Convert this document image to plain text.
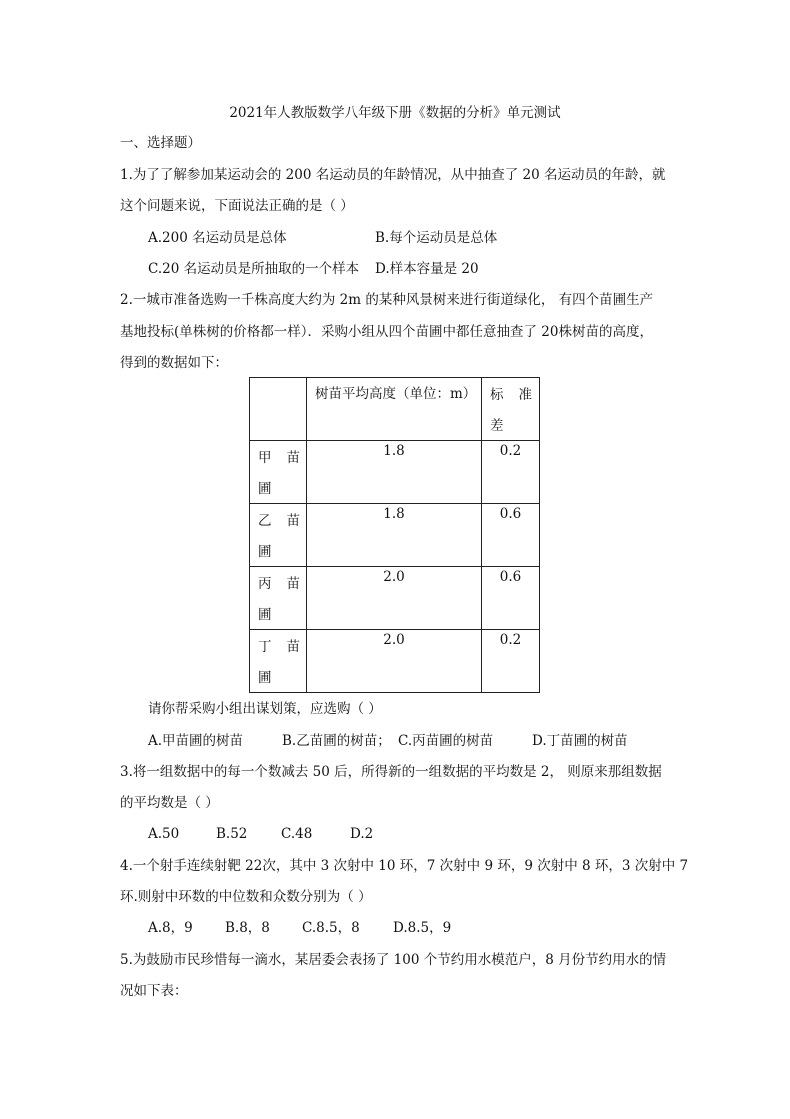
2021年人教版数学八年级下册《数据的分析》单元测试
一、选择题）
1.为了了解参加某运动会的 200 名运动员的年龄情况，从中抽查了 20 名运动员的年龄，就
这个问题来说，下面说法正确的是（ ）
A.200 名运动员是总体	B.每个运动员是总体
C.20 名运动员是所抽取的一个样本 D.样本容量是 20
2.一城市准备选购一千株高度大约为 2m 的某种风景树来进行街道绿化， 有四个苗圃生产
基地投标(单株树的价格都一样）．采购小组从四个苗圃中都任意抽查了 20株树苗的高度，
得到的数据如下：

	树苗平均高度（单位：m）	标 准
差

甲 苗
圃	1.8	0.2

乙 苗
圃	1.8	0.6

丙 苗
圃	2.0	0.6

丁 苗
圃	2.0	0.2
请你帮采购小组出谋划策，应选购（ ）
A.甲苗圃的树苗	B.乙苗圃的树苗； C.丙苗圃的树苗	D.丁苗圃的树苗
3.将一组数据中的每一个数减去 50 后，所得新的一组数据的平均数是 2， 则原来那组数据
的平均数是（ ）
A.50	B.52 C.48	D.2
4.一个射手连续射靶 22次，其中 3 次射中 10 环，7 次射中 9 环，9 次射中 8 环，3 次射中 7
环.则射中环数的中位数和众数分别为（ ）
A.8，9 B.8，8 C.8.5，8 D.8.5，9
5.为鼓励市民珍惜每一滴水，某居委会表扬了 100 个节约用水模范户，8 月份节约用水的情
况如下表：
